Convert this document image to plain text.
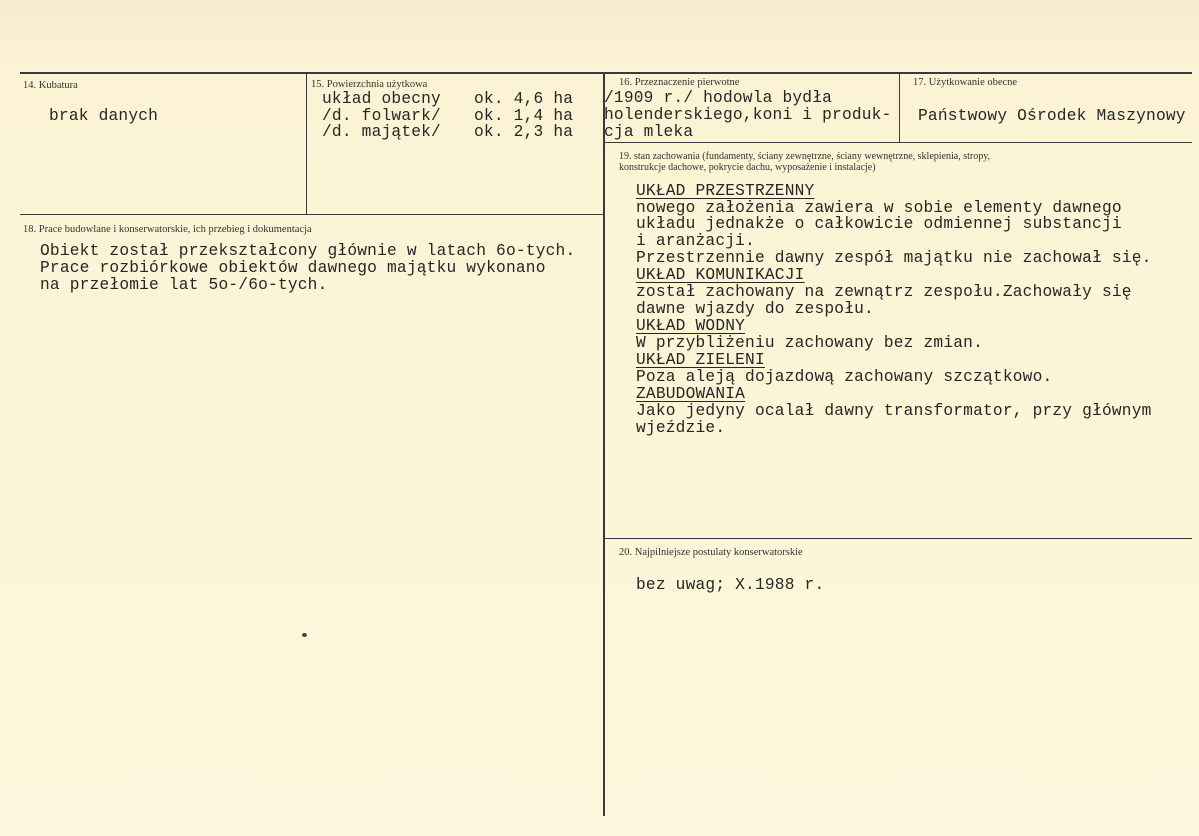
14. Kubatura
brak danych
15. Powierzchnia użytkowa
układ obecny ok. 4,6 ha
/d. folwark/ ok. 1,4 ha
/d. majątek/ ok. 2,3 ha
16. Przeznaczenie pierwotne
/1909 r./ hodowla bydła
holenderskiego,koni i produk-
cja mleka
17. Użytkowanie obecne
Państwowy Ośrodek Maszynowy
18. Prace budowlane i konserwatorskie, ich przebieg i dokumentacja
Obiekt został przekształcony głównie w latach 6o-tych.
Prace rozbiórkowe obiektów dawnego majątku wykonano
na przełomie lat 5o-/6o-tych.
19. stan zachowania (fundamenty, ściany zewnętrzne, ściany wewnętrzne, sklepienia, stropy,
konstrukcje dachowe, pokrycie dachu, wyposażenie i instalacje)
UKŁAD PRZESTRZENNY
nowego założenia zawiera w sobie elementy dawnego
układu jednakże o całkowicie odmiennej substancji
i aranżacji.
Przestrzennie dawny zespół majątku nie zachował się.
UKŁAD KOMUNIKACJI
został zachowany na zewnątrz zespołu.Zachowały się
dawne wjazdy do zespołu.
UKŁAD WODNY
W przybliżeniu zachowany bez zmian.
UKŁAD ZIELENI
Poza aleją dojazdową zachowany szczątkowo.
ZABUDOWANIA
Jako jedyny ocalał dawny transformator, przy głównym
wjeździe.
20. Najpilniejsze postulaty konserwatorskie
bez uwag; X.1988 r.
